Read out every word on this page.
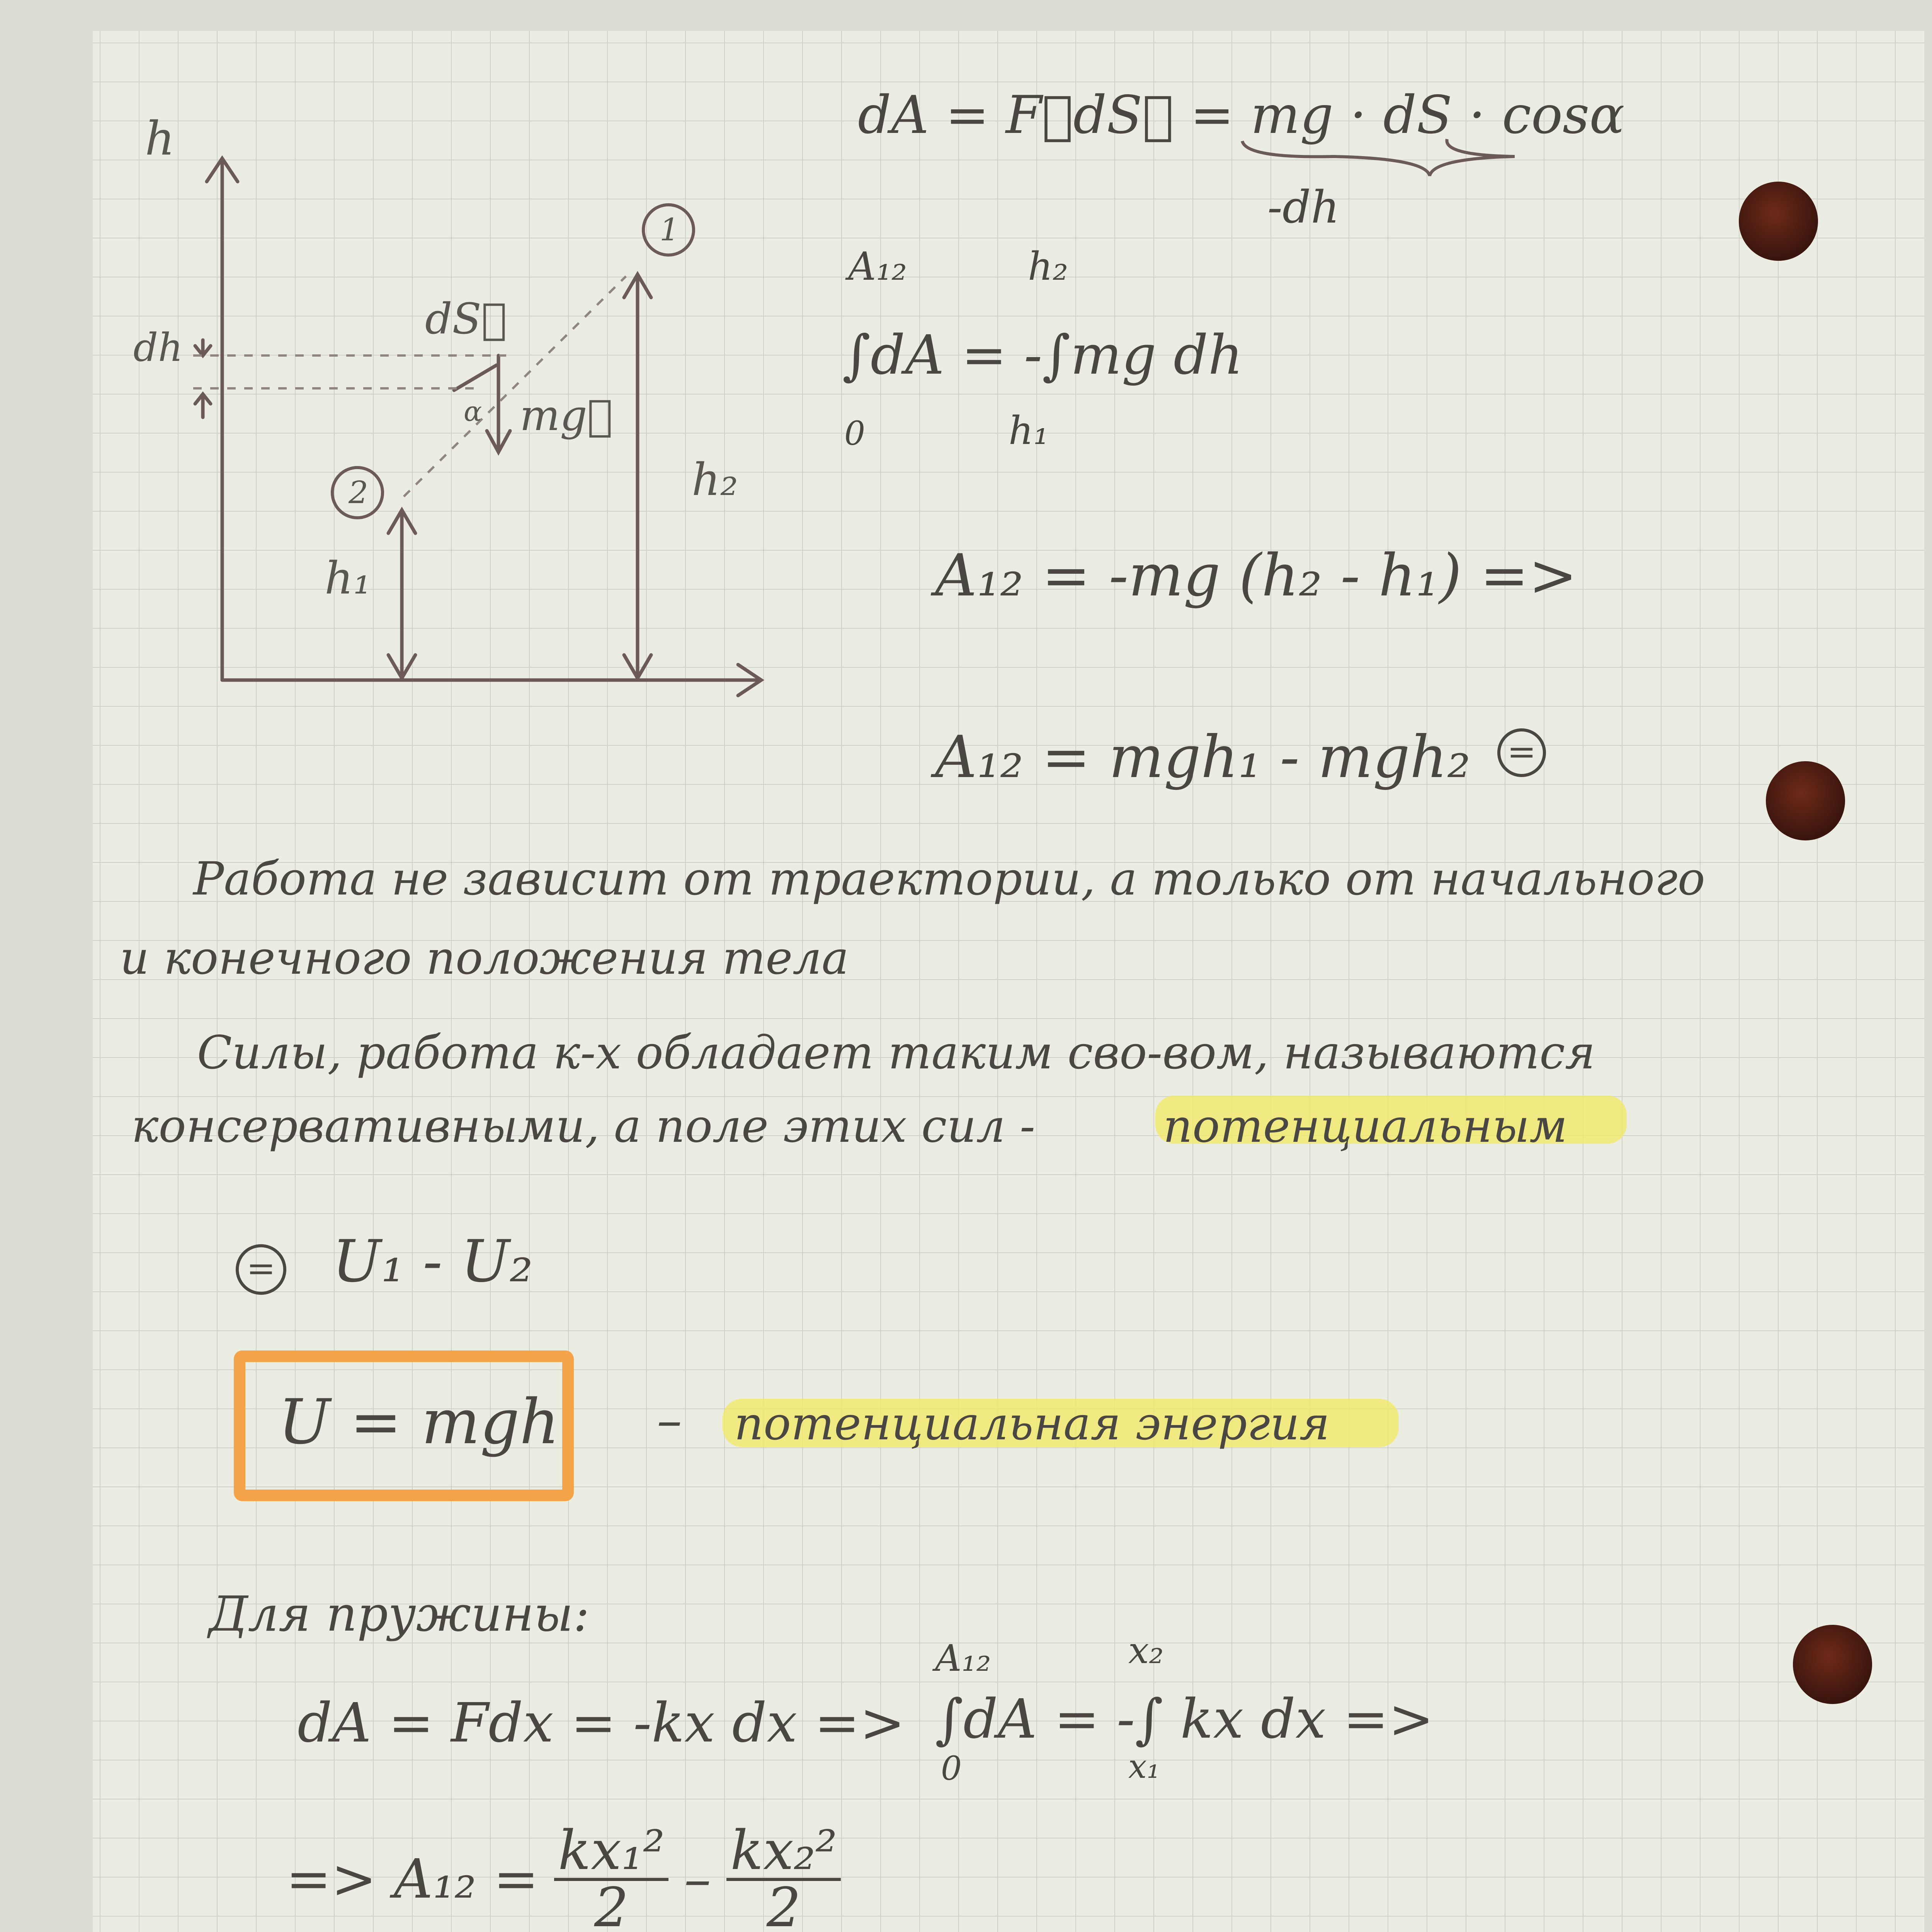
h
dh
dS⃗
mg⃗
α
1
2
h₁
h₂
dA = F⃗dS⃗ = mg · dS · cosα
-dh
A₁₂	h₂
∫dA = -∫mg dh
0	h₁
A₁₂ = -mg (h₂ - h₁) =>
A₁₂ = mgh₁ - mgh₂ =
Работа не зависит от траектории, а только от начального
и конечного положения тела
Силы, работа к-х обладает таким сво-вом, называются
консервативными, а поле этих сил -	потенциальным
= U₁ - U₂
U = mgh – потенциальная энергия
Для пружины:
dA = Fdx = -kx dx =>
A₁₂	x₂
∫dA = -∫ kx dx =>
0	x₁
=> $A_{12} = \frac{\text{kx₁²}}{2} - \frac{\text{kx₂²}}{2}$
